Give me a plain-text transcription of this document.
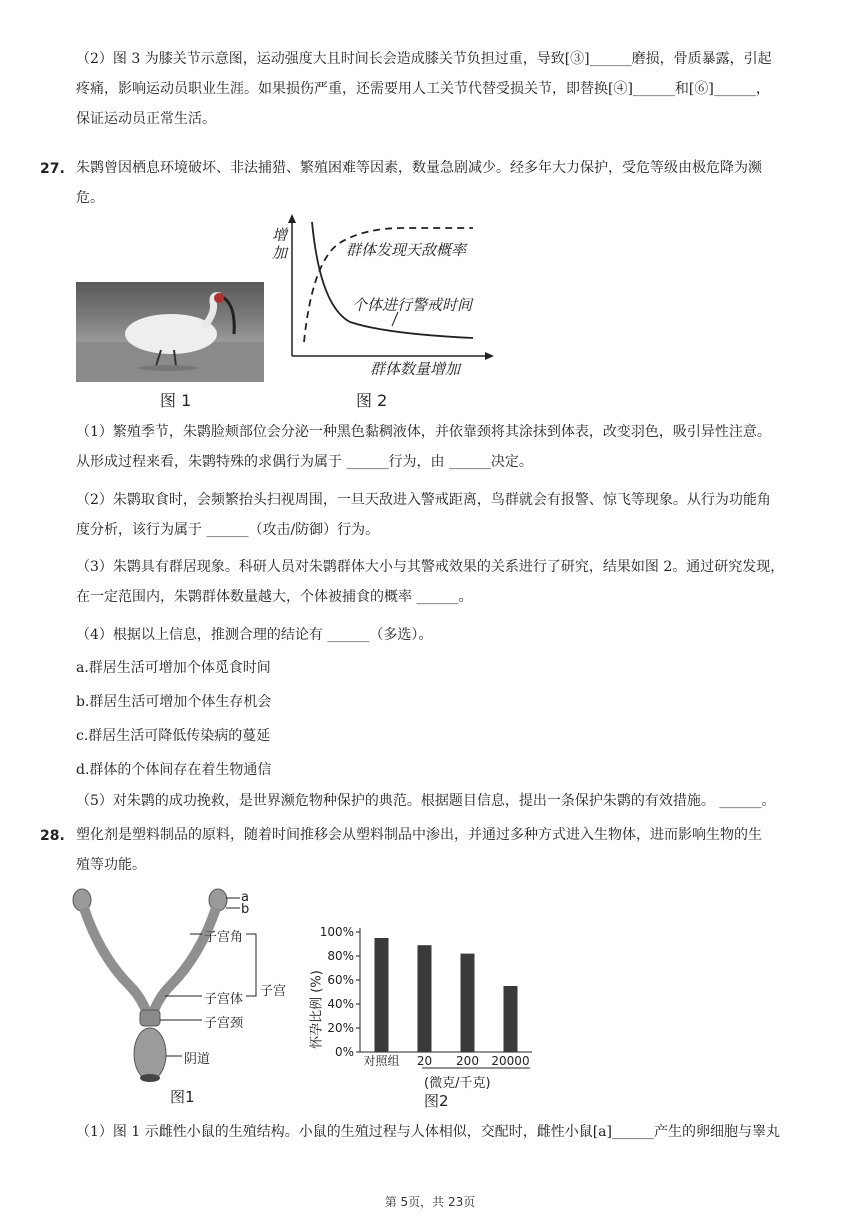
（2）图 3 为膝关节示意图，运动强度大且时间长会造成膝关节负担过重，导致[③]______磨损，骨质暴露，引起
疼痛，影响运动员职业生涯。如果损伤严重，还需要用人工关节代替受损关节，即替换[④]______和[⑥]______，
保证运动员正常生活。
27. 朱鹮曾因栖息环境破坏、非法捕猎、繁殖困难等因素，数量急剧减少。经多年大力保护，受危等级由极危降为濒
危。
图 1
增加	群体发现天敌概率
个体进行警戒时间
群体数量增加
图 2
（1）繁殖季节，朱鹮脸颊部位会分泌一种黑色黏稠液体，并依靠颈将其涂抹到体表，改变羽色，吸引异性注意。
从形成过程来看，朱鹮特殊的求偶行为属于 ______行为，由 ______决定。
（2）朱鹮取食时，会频繁抬头扫视周围，一旦天敌进入警戒距离，鸟群就会有报警、惊飞等现象。从行为功能角
度分析，该行为属于 ______（攻击/防御）行为。
（3）朱鹮具有群居现象。科研人员对朱鹮群体大小与其警戒效果的关系进行了研究，结果如图 2。通过研究发现，
在一定范围内，朱鹮群体数量越大，个体被捕食的概率 ______。
（4）根据以上信息，推测合理的结论有 ______（多选）。
a.群居生活可增加个体觅食时间
b.群居生活可增加个体生存机会
c.群居生活可降低传染病的蔓延
d.群体的个体间存在着生物通信
（5）对朱鹮的成功挽救，是世界濒危物种保护的典范。根据题目信息，提出一条保护朱鹮的有效措施。 ______。
28. 塑化剂是塑料制品的原料，随着时间推移会从塑料制品中渗出，并通过多种方式进入生物体，进而影响生物的生
殖等功能。
a
b
子宫角
子宫体
子宫
子宫颈
阴道
图1
怀孕比例 (%)
0%
20%
40%
60%
80%
100%
对照组 20 200 20000
(微克/千克)
图2
（1）图 1 示雌性小鼠的生殖结构。小鼠的生殖过程与人体相似，交配时，雌性小鼠[a]______产生的卵细胞与睾丸
第 5页，共 23页
